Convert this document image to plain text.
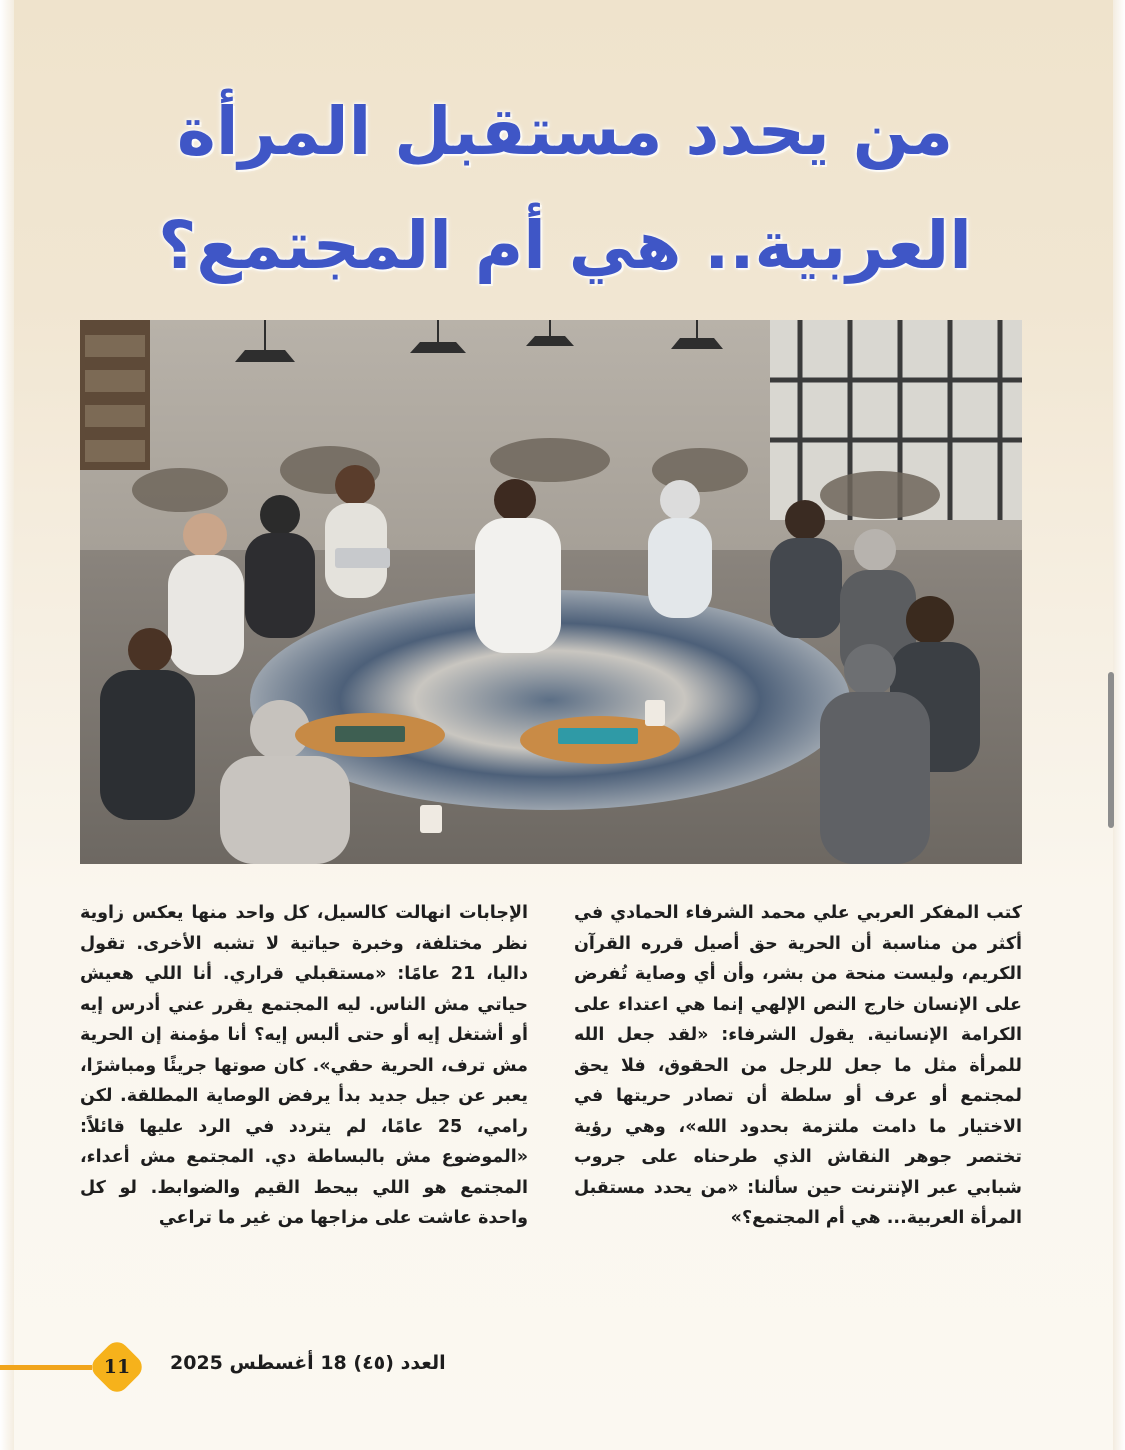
من يحدد مستقبل المرأة
العربية.. هي أم المجتمع؟

كتب المفكر العربي علي محمد الشرفاء الحمادي في أكثر من مناسبة أن الحرية حق أصيل قرره القرآن الكريم، وليست منحة من بشر، وأن أي وصاية تُفرض على الإنسان خارج النص الإلهي إنما هي اعتداء على الكرامة الإنسانية. يقول الشرفاء: «لقد جعل الله للمرأة مثل ما جعل للرجل من الحقوق، فلا يحق لمجتمع أو عرف أو سلطة أن تصادر حريتها في الاختيار ما دامت ملتزمة بحدود الله»، وهي رؤية تختصر جوهر النقاش الذي طرحناه على جروب شبابي عبر الإنترنت حين سألنا: «من يحدد مستقبل المرأة العربية... هي أم المجتمع؟»

الإجابات انهالت كالسيل، كل واحد منها يعكس زاوية نظر مختلفة، وخبرة حياتية لا تشبه الأخرى. تقول داليا، 21 عامًا: «مستقبلي قراري. أنا اللي هعيش حياتي مش الناس. ليه المجتمع يقرر عني أدرس إيه أو أشتغل إيه أو حتى ألبس إيه؟ أنا مؤمنة إن الحرية مش ترف، الحرية حقي». كان صوتها جريئًا ومباشرًا، يعبر عن جيل جديد بدأ يرفض الوصاية المطلقة. لكن رامي، 25 عامًا، لم يتردد في الرد عليها قائلاً: «الموضوع مش بالبساطة دي. المجتمع مش أعداء، المجتمع هو اللي بيحط القيم والضوابط. لو كل واحدة عاشت على مزاجها من غير ما تراعي

11	العدد (٤٥) 18 أغسطس 2025
